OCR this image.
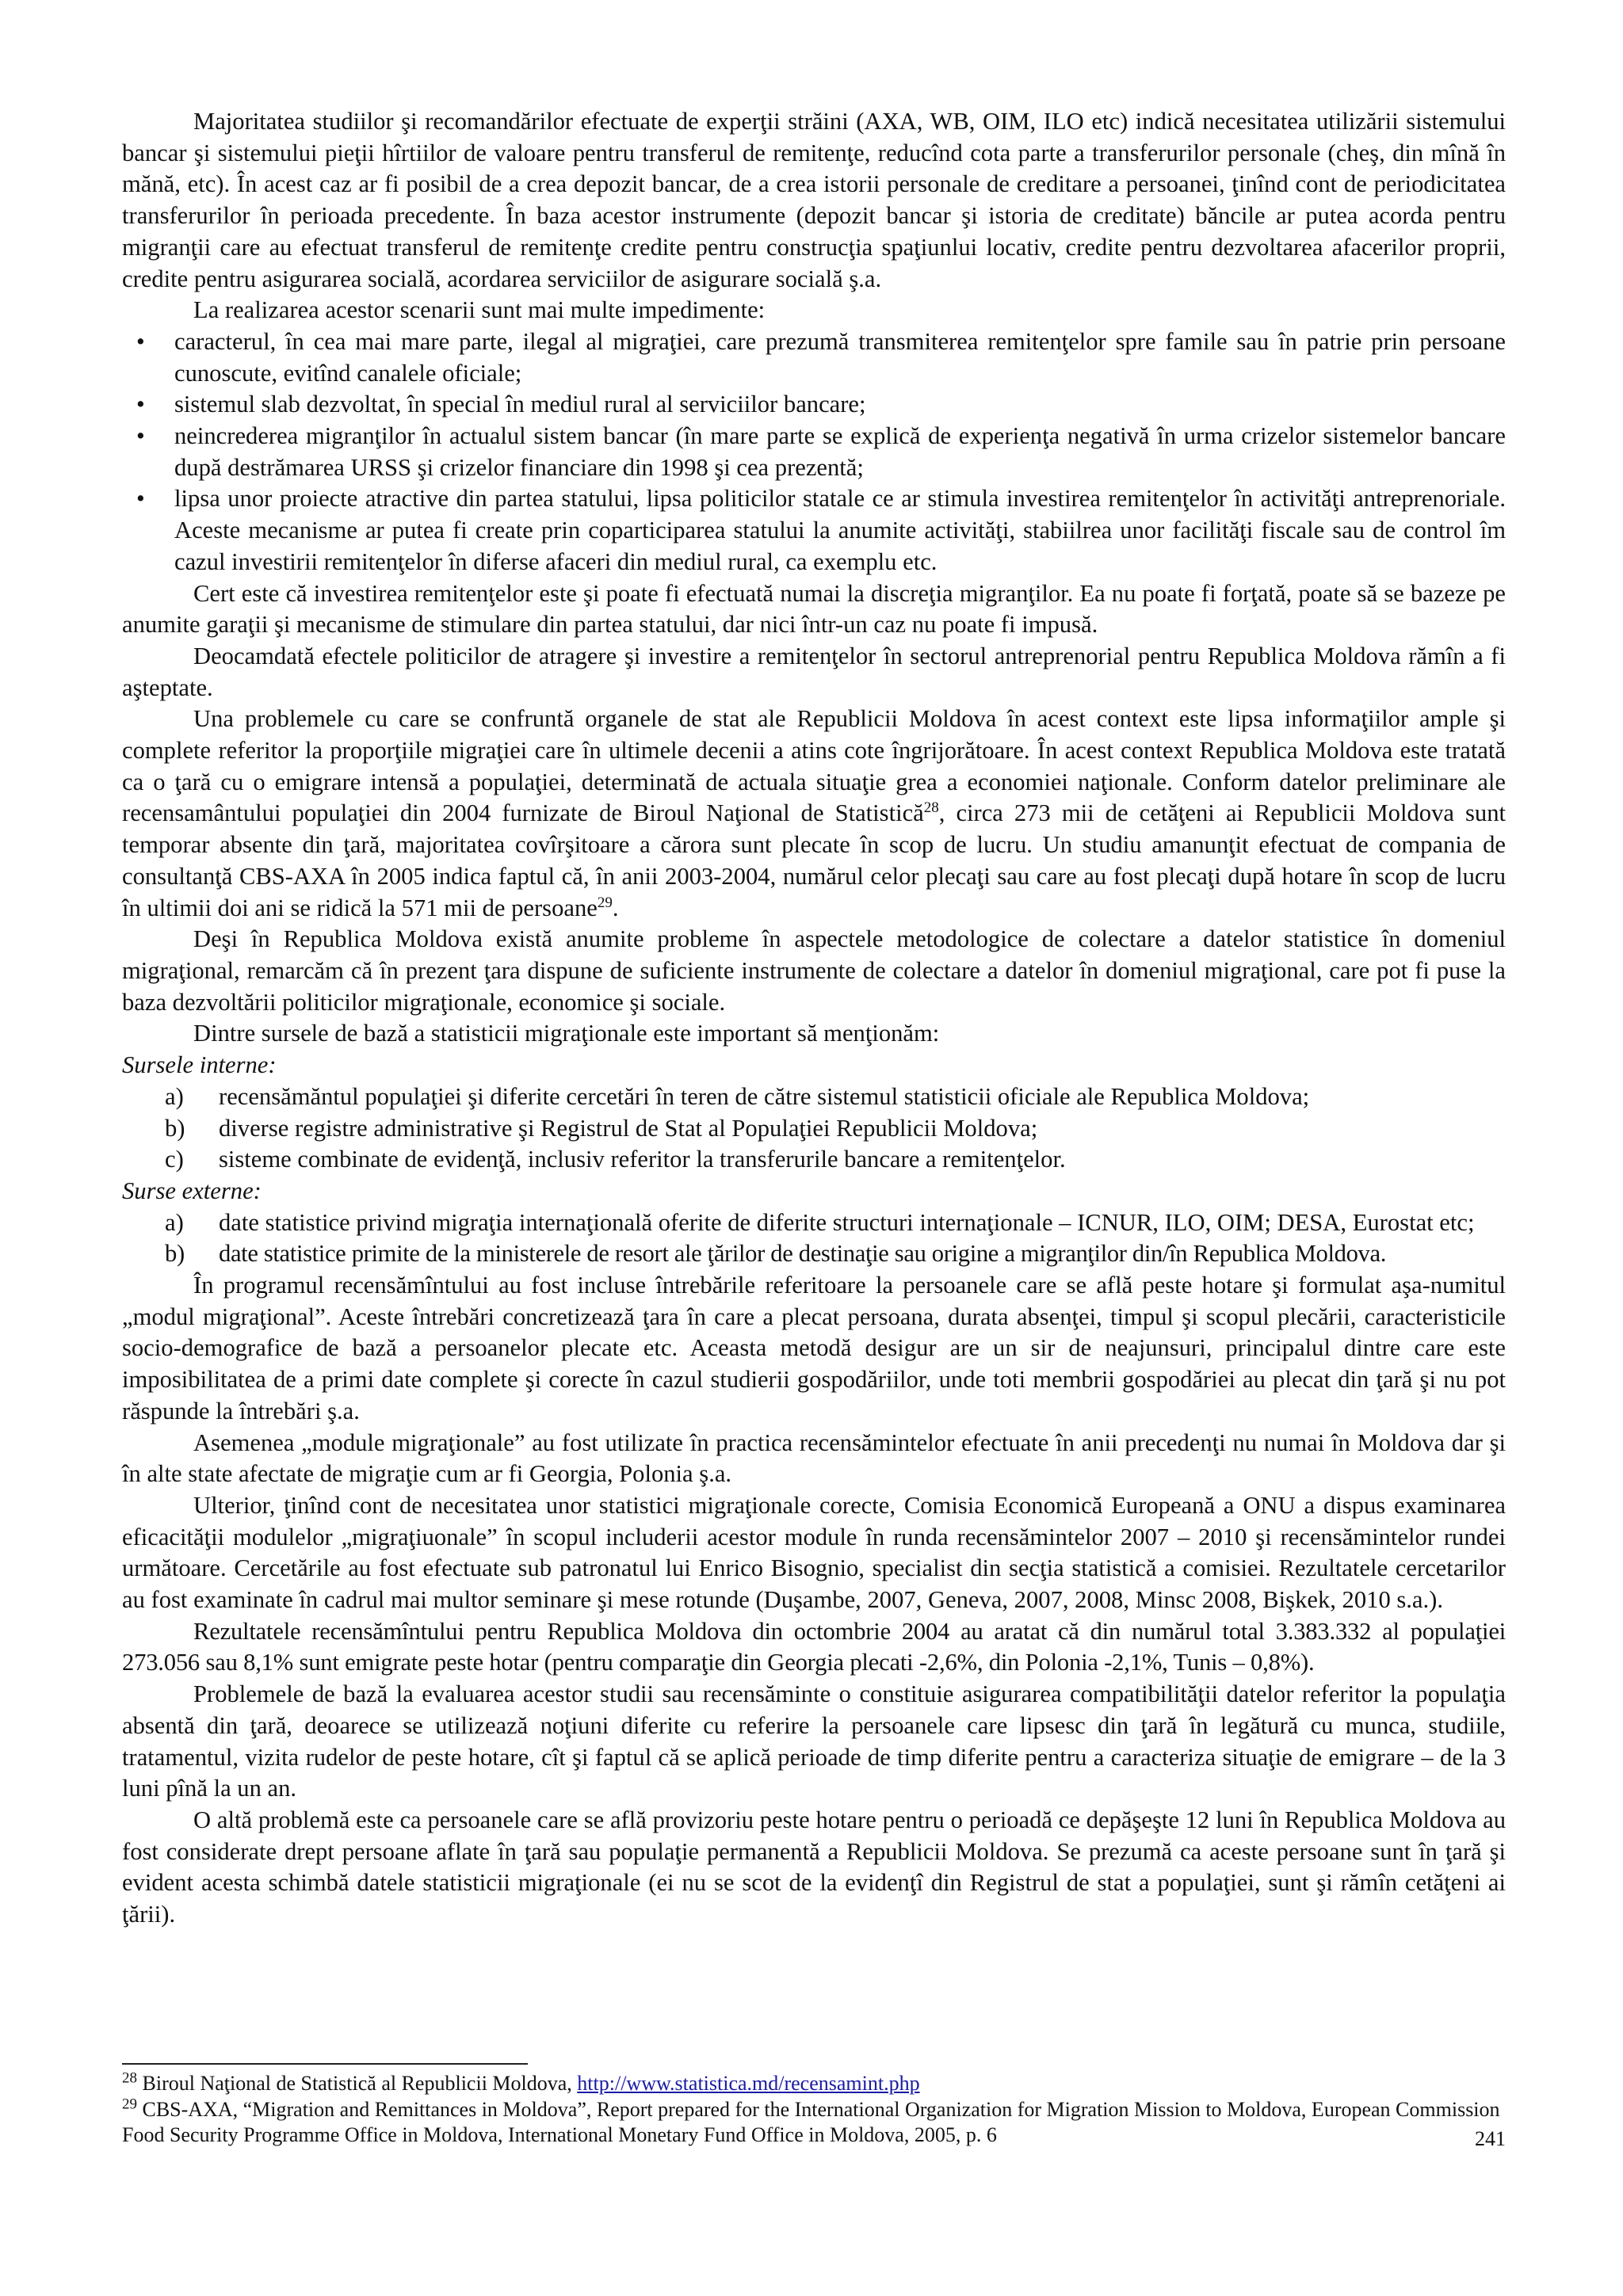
Majoritatea studiilor şi recomandărilor efectuate de experţii străini (AXA, WB, OIM, ILO etc) indică necesitatea utilizării sistemului bancar şi sistemului pieţii hîrtiilor de valoare pentru transferul de remitenţe, reducînd cota parte a transferurilor personale (cheş, din mînă în mănă, etc). În acest caz ar fi posibil de a crea depozit bancar, de a crea istorii personale de creditare a persoanei, ţinînd cont de periodicitatea transferurilor în perioada precedente. În baza acestor instrumente (depozit bancar şi istoria de creditate) băncile ar putea acorda pentru migranţii care au efectuat transferul de remitenţe credite pentru construcţia spaţiunlui locativ, credite pentru dezvoltarea afacerilor proprii, credite pentru asigurarea socială, acordarea serviciilor de asigurare socială ş.a.

La realizarea acestor scenarii sunt mai multe impedimente:

• caracterul, în cea mai mare parte, ilegal al migraţiei, care prezumă transmiterea remitenţelor spre famile sau în patrie prin persoane cunoscute, evitînd canalele oficiale;
• sistemul slab dezvoltat, în special în mediul rural al serviciilor bancare;
• neincrederea migranţilor în actualul sistem bancar (în mare parte se explică de experienţa negativă în urma crizelor sistemelor bancare după destrămarea URSS şi crizelor financiare din 1998 şi cea prezentă;
• lipsa unor proiecte atractive din partea statului, lipsa politicilor statale ce ar stimula investirea remitenţelor în activităţi antreprenoriale. Aceste mecanisme ar putea fi create prin coparticiparea statului la anumite activităţi, stabiilrea unor facilităţi fiscale sau de control îm cazul investirii remitenţelor în diferse afaceri din mediul rural, ca exemplu etc.

Cert este că investirea remitenţelor este şi poate fi efectuată numai la discreţia migranţilor. Ea nu poate fi forţată, poate să se bazeze pe anumite garaţii şi mecanisme de stimulare din partea statului, dar nici într-un caz nu poate fi impusă.

Deocamdată efectele politicilor de atragere şi investire a remitenţelor în sectorul antreprenorial pentru Republica Moldova rămîn a fi aşteptate.

Una problemele cu care se confruntă organele de stat ale Republicii Moldova în acest context este lipsa informaţiilor ample şi complete referitor la proporţiile migraţiei care în ultimele decenii a atins cote îngrijorătoare. În acest context Republica Moldova este tratată ca o ţară cu o emigrare intensă a populaţiei, determinată de actuala situaţie grea a economiei naţionale. Conform datelor preliminare ale recensamântului populaţiei din 2004 furnizate de Biroul Naţional de Statistică$^{28}$, circa 273 mii de cetăţeni ai Republicii Moldova sunt temporar absente din ţară, majoritatea covîrşitoare a cărora sunt plecate în scop de lucru. Un studiu amanunţit efectuat de compania de consultanţă CBS-AXA în 2005 indica faptul că, în anii 2003-2004, numărul celor plecaţi sau care au fost plecaţi după hotare în scop de lucru în ultimii doi ani se ridică la 571 mii de persoane$^{29}$.

Deşi în Republica Moldova există anumite probleme în aspectele metodologice de colectare a datelor statistice în domeniul migraţional, remarcăm că în prezent ţara dispune de suficiente instrumente de colectare a datelor în domeniul migraţional, care pot fi puse la baza dezvoltării politicilor migraţionale, economice şi sociale.

Dintre sursele de bază a statisticii migraţionale este important să menţionăm:

Sursele interne:

a) recensămăntul populaţiei şi diferite cercetări în teren de către sistemul statisticii oficiale ale Republica Moldova;
b) diverse registre administrative şi Registrul de Stat al Populaţiei Republicii Moldova;
c) sisteme combinate de evidenţă, inclusiv referitor la transferurile bancare a remitenţelor.

Surse externe:

a) date statistice privind migraţia internaţională oferite de diferite structuri internaţionale – ICNUR, ILO, OIM; DESA, Eurostat etc;
b) date statistice primite de la ministerele de resort ale ţărilor de destinaţie sau origine a migranţilor din/în Republica Moldova.

În programul recensămîntului au fost incluse întrebările referitoare la persoanele care se află peste hotare şi formulat aşa-numitul „modul migraţional”. Aceste întrebări concretizează ţara în care a plecat persoana, durata absenţei, timpul şi scopul plecării, caracteristicile socio-demografice de bază a persoanelor plecate etc. Aceasta metodă desigur are un sir de neajunsuri, principalul dintre care este imposibilitatea de a primi date complete şi corecte în cazul studierii gospodăriilor, unde toti membrii gospodăriei au plecat din ţară şi nu pot răspunde la întrebări ş.a.

Asemenea „module migraţionale” au fost utilizate în practica recensămintelor efectuate în anii precedenţi nu numai în Moldova dar şi în alte state afectate de migraţie cum ar fi Georgia, Polonia ş.a.

Ulterior, ţinînd cont de necesitatea unor statistici migraţionale corecte, Comisia Economică Europeană a ONU a dispus examinarea eficacităţii modulelor „migraţiuonale” în scopul includerii acestor module în runda recensămintelor 2007 – 2010 şi recensămintelor rundei următoare. Cercetările au fost efectuate sub patronatul lui Enrico Bisognio, specialist din secţia statistică a comisiei. Rezultatele cercetarilor au fost examinate în cadrul mai multor seminare şi mese rotunde (Duşambe, 2007, Geneva, 2007, 2008, Minsc 2008, Bişkek, 2010 s.a.).

Rezultatele recensămîntului pentru Republica Moldova din octombrie 2004 au aratat că din numărul total 3.383.332 al populaţiei 273.056 sau 8,1% sunt emigrate peste hotar (pentru comparaţie din Georgia plecati -2,6%, din Polonia -2,1%, Tunis – 0,8%).

Problemele de bază la evaluarea acestor studii sau recensăminte o constituie asigurarea compatibilităţii datelor referitor la populaţia absentă din ţară, deoarece se utilizează noţiuni diferite cu referire la persoanele care lipsesc din ţară în legătură cu munca, studiile, tratamentul, vizita rudelor de peste hotare, cît şi faptul că se aplică perioade de timp diferite pentru a caracteriza situaţie de emigrare – de la 3 luni pînă la un an.

O altă problemă este ca persoanele care se află provizoriu peste hotare pentru o perioadă ce depăşeşte 12 luni în Republica Moldova au fost considerate drept persoane aflate în ţară sau populaţie permanentă a Republicii Moldova. Se prezumă ca aceste persoane sunt în ţară şi evident acesta schimbă datele statisticii migraţionale (ei nu se scot de la evidenţî din Registrul de stat a populaţiei, sunt şi rămîn cetăţeni ai ţării).

$^{28}$ Biroul Naţional de Statistică al Republicii Moldova, http://www.statistica.md/recensamint.php

$^{29}$ CBS-AXA, “Migration and Remittances in Moldova”, Report prepared for the International Organization for Migration Mission to Moldova, European Commission Food Security Programme Office in Moldova, International Monetary Fund Office in Moldova, 2005, p. 6	241
